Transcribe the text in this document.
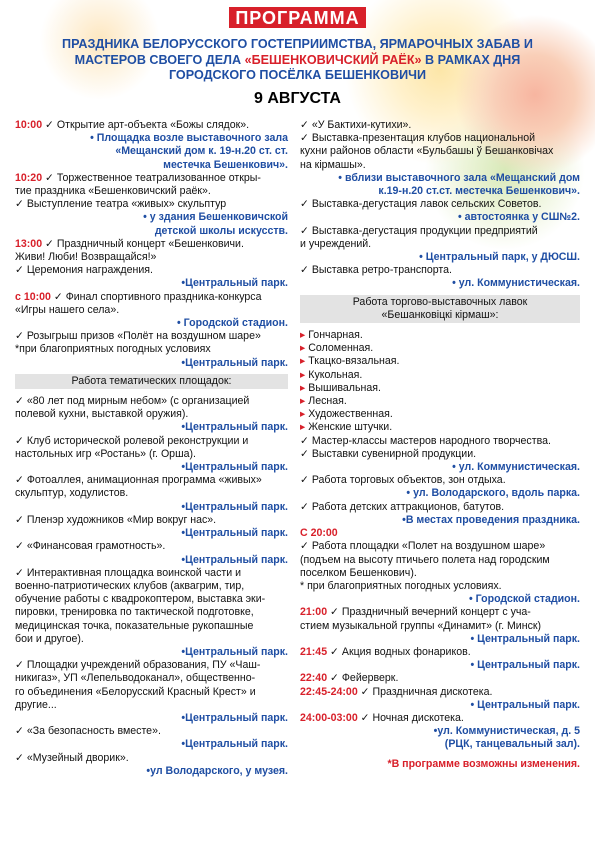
ПРОГРАММА
ПРАЗДНИКА БЕЛОРУССКОГО ГОСТЕПРИИМСТВА, ЯРМАРОЧНЫХ ЗАБАВ И
МАСТЕРОВ СВОЕГО ДЕЛА «БЕШЕНКОВИЧСКИЙ РАЁК» В РАМКАХ ДНЯ
ГОРОДСКОГО ПОСЁЛКА БЕШЕНКОВИЧИ
9 АВГУСТА
10:00 ✓ Открытие арт-объекта «Божы слядок».
• Площадка возле выставочного зала
«Мещанский дом к. 19-н.20 ст. ст.
местечка Бешенкович».
10:20 ✓ Торжественное театрализованное откры-
тие праздника «Бешенковичский раёк».
✓ Выступление театра «живых» скульптур
• у здания Бешенковичской
детской школы искусств.
13:00 ✓ Праздничный концерт «Бешенковичи.
Живи! Люби! Возвращайся!»
✓ Церемония награждения.
•Центральный парк.
с 10:00 ✓ Финал спортивного праздника-конкурса
«Игры нашего села».
• Городской стадион.
✓ Розыгрыш призов «Полёт на воздушном шаре»
*при благоприятных погодных условиях
•Центральный парк.
Работа тематических площадок:
✓ «80 лет под мирным небом» (с организацией
полевой кухни, выставкой оружия).
•Центральный парк.
✓ Клуб исторической ролевой реконструкции и
настольных игр «Ростань» (г. Орша).
•Центральный парк.
✓ Фотоаллея, анимационная программа «живых»
скульптур, ходулистов.
•Центральный парк.
✓ Пленэр художников «Мир вокруг нас».
•Центральный парк.
✓ «Финансовая грамотность».
•Центральный парк.
✓ Интерактивная площадка воинской части и
военно-патриотических клубов (аквагрим, тир,
обучение работы с квадрокоптером, выставка эки-
пировки, тренировка по тактической подготовке,
медицинская точка, показательные рукопашные
бои и другое).
•Центральный парк.
✓ Площадки учреждений образования, ПУ «Чаш-
никигаз», УП «Лепельводоканал», общественно-
го объединения «Белорусский Красный Крест» и
другие...
•Центральный парк.
✓ «За безопасность вместе».
•Центральный парк.
✓ «Музейный дворик».
•ул Володарского, у музея.
✓ «У Бактихи-кутихи».
✓ Выставка-презентация клубов национальной
кухни районов области «Бульбашы ў Бешанковічах
на кірмашы».
• вблизи выставочного зала «Мещанский дом
к.19-н.20 ст.ст. местечка Бешенкович».
✓ Выставка-дегустация лавок сельских Советов.
• автостоянка у СШ№2.
✓ Выставка-дегустация продукции предприятий
и учреждений.
• Центральный парк, у ДЮСШ.
✓ Выставка ретро-транспорта.
• ул. Коммунистическая.
Работа торгово-выставочных лавок
«Бешанковіцкі кірмаш»:
▸ Гончарная.
▸ Соломенная.
▸ Ткацко-вязальная.
▸ Кукольная.
▸ Вышивальная.
▸ Лесная.
▸ Художественная.
▸ Женские штучки.
✓ Мастер-классы мастеров народного творчества.
✓ Выставки сувенирной продукции.
• ул. Коммунистическая.
✓ Работа торговых объектов, зон отдыха.
• ул. Володарского, вдоль парка.
✓ Работа детских аттракционов, батутов.
•В местах проведения праздника.
С 20:00
✓ Работа площадки «Полет на воздушном шаре»
(подъем на высоту птичьего полета над городским
поселком Бешенкович).
* при благоприятных погодных условиях.
• Городской стадион.
21:00 ✓ Праздничный вечерний концерт с уча-
стием музыкальной группы «Динамит» (г. Минск)
• Центральный парк.
21:45 ✓ Акция водных фонариков.
• Центральный парк.
22:40 ✓ Фейерверк.
22:45-24:00 ✓ Праздничная дискотека.
• Центральный парк.
24:00-03:00 ✓ Ночная дискотека.
•ул. Коммунистическая, д. 5
(РЦК, танцевальный зал).
*В программе возможны изменения.
